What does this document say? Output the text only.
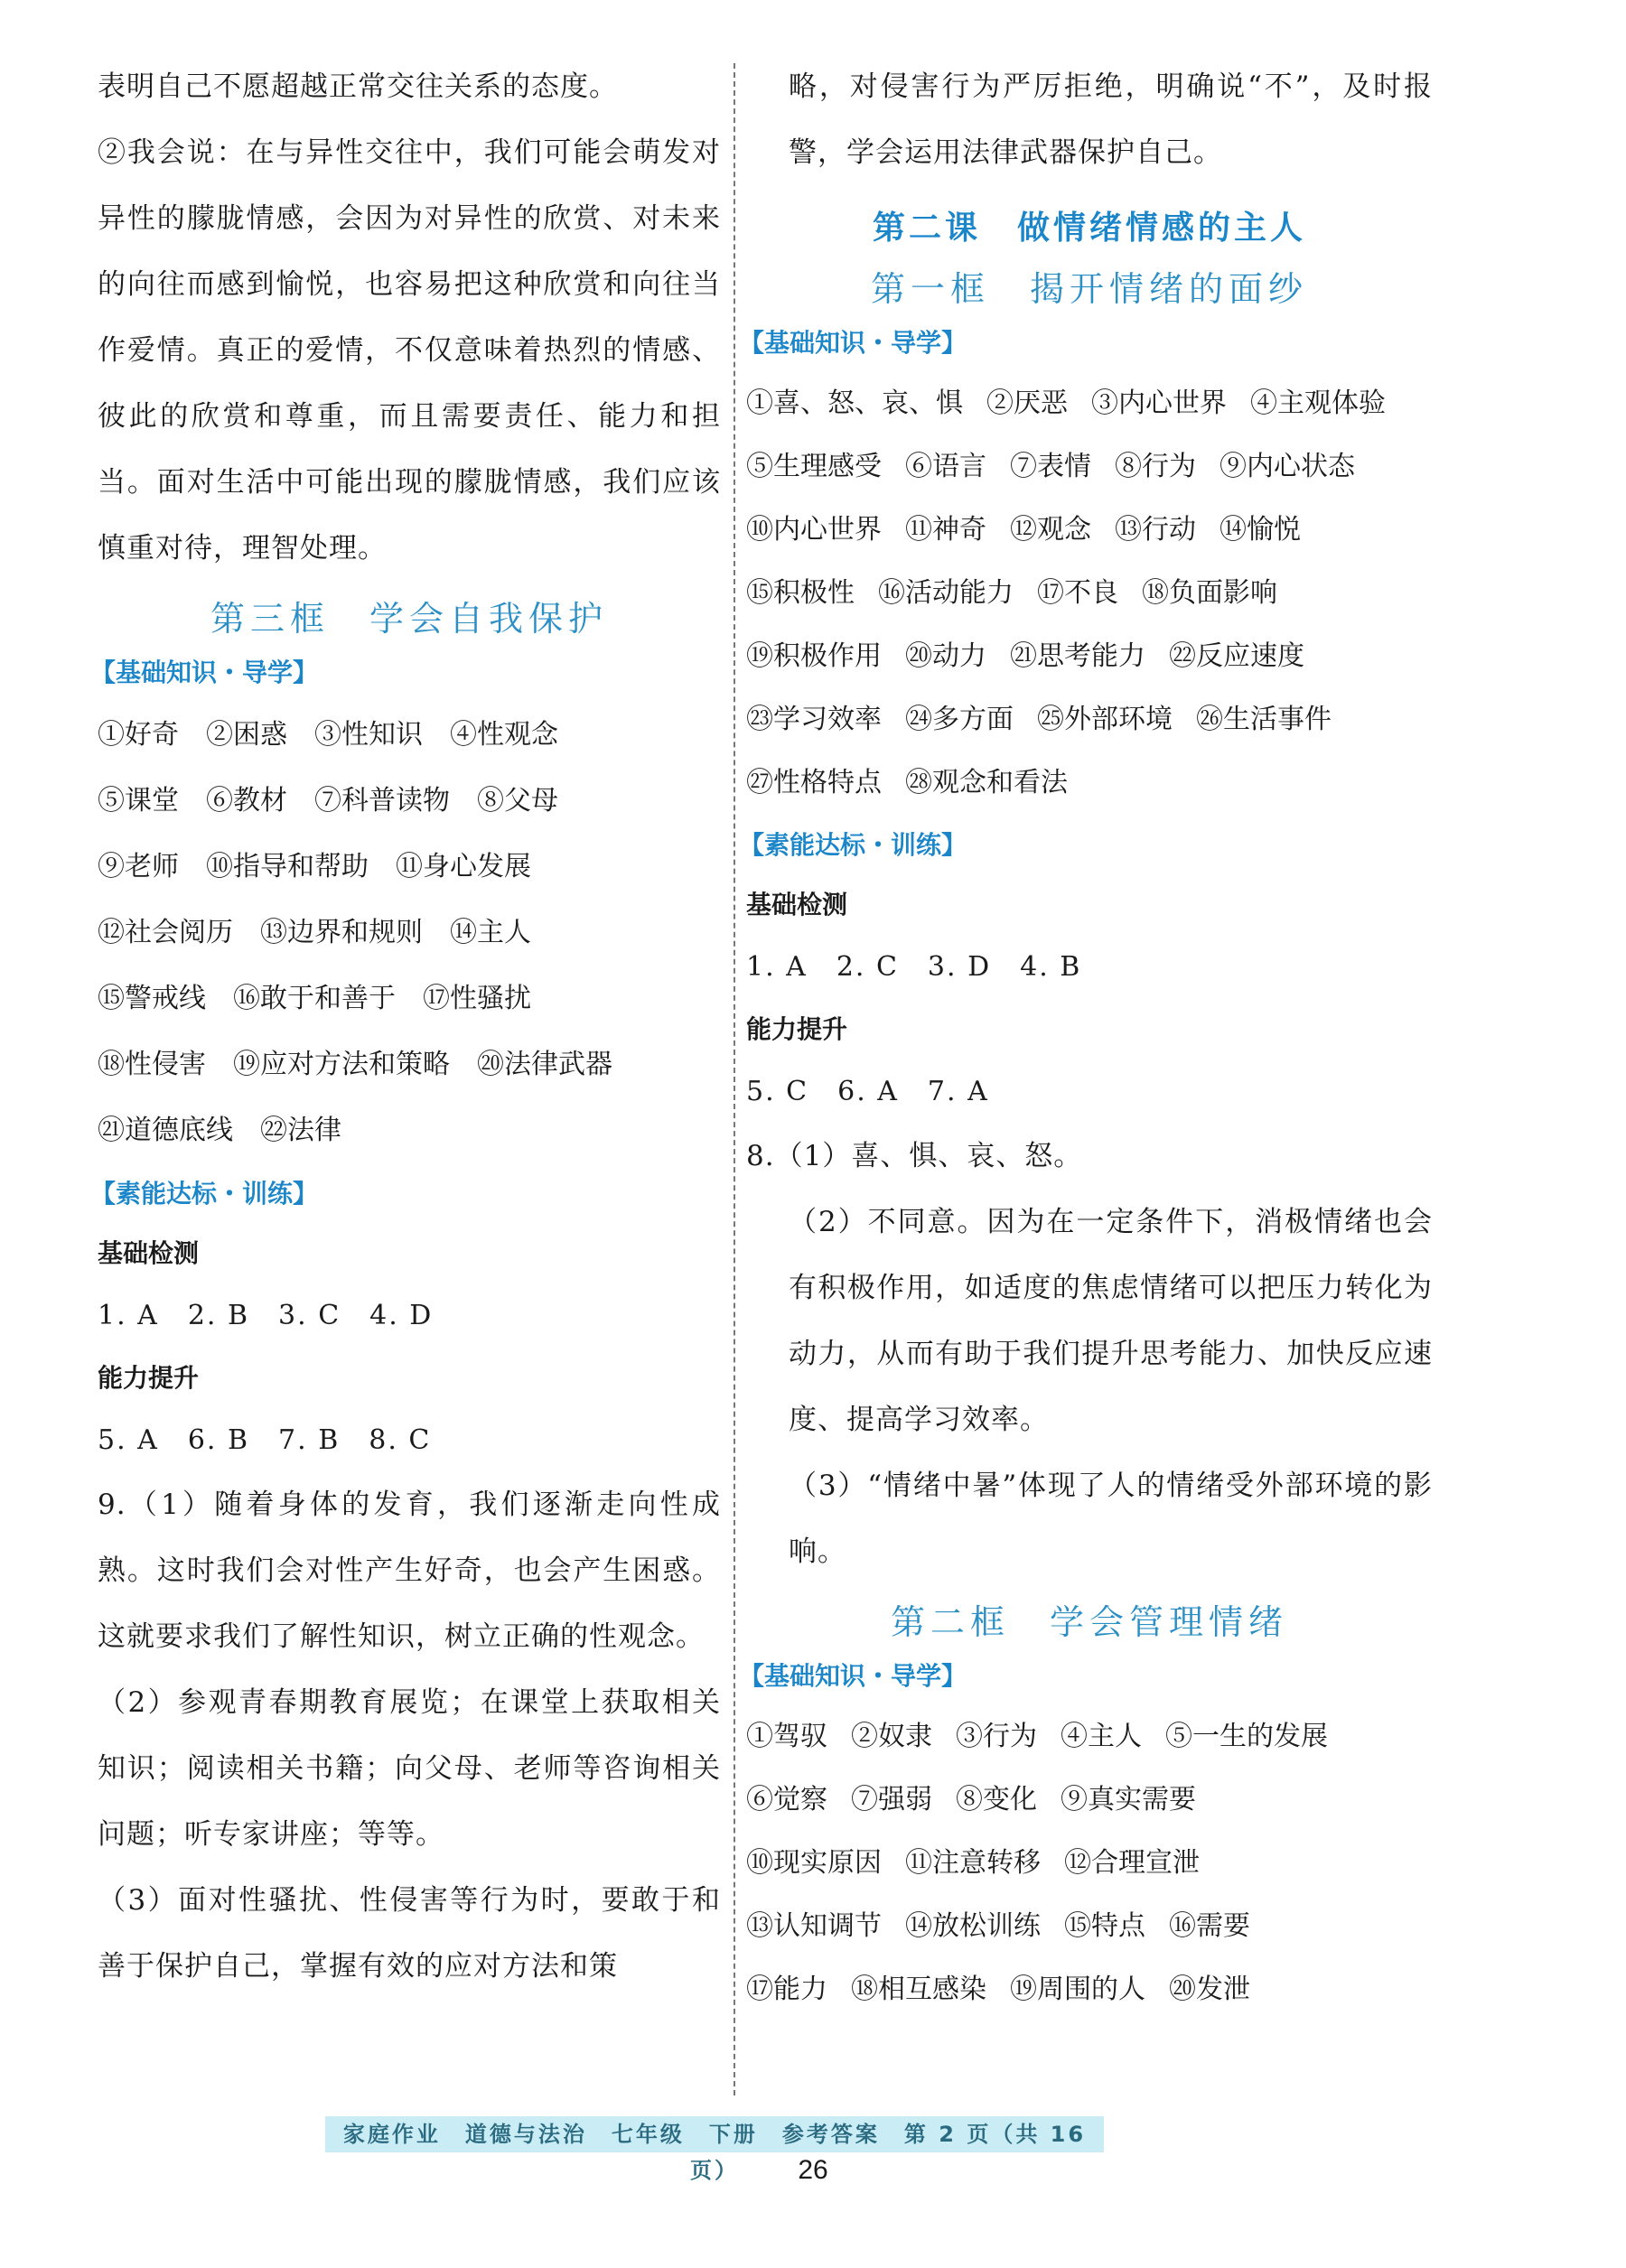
表明自己不愿超越正常交往关系的态度。
②我会说：在与异性交往中，我们可能会萌发对异性的朦胧情感，会因为对异性的欣赏、对未来的向往而感到愉悦，也容易把这种欣赏和向往当作爱情。真正的爱情，不仅意味着热烈的情感、彼此的欣赏和尊重，而且需要责任、能力和担当。面对生活中可能出现的朦胧情感，我们应该慎重对待，理智处理。
第三框　学会自我保护
【基础知识・导学】
①好奇 ②困惑 ③性知识 ④性观念
⑤课堂 ⑥教材 ⑦科普读物 ⑧父母
⑨老师 ⑩指导和帮助 ⑪身心发展
⑫社会阅历 ⑬边界和规则 ⑭主人
⑮警戒线 ⑯敢于和善于 ⑰性骚扰
⑱性侵害 ⑲应对方法和策略 ⑳法律武器
㉑道德底线 ㉒法律
【素能达标・训练】
基础检测
1. A　2. B　3. C　4. D
能力提升
5. A　6. B　7. B　8. C
9.（1）随着身体的发育，我们逐渐走向性成熟。这时我们会对性产生好奇，也会产生困惑。这就要求我们了解性知识，树立正确的性观念。
（2）参观青春期教育展览；在课堂上获取相关知识；阅读相关书籍；向父母、老师等咨询相关问题；听专家讲座；等等。
（3）面对性骚扰、性侵害等行为时，要敢于和善于保护自己，掌握有效的应对方法和策
略，对侵害行为严厉拒绝，明确说“不”，及时报警，学会运用法律武器保护自己。
第二课　做情绪情感的主人
第一框　揭开情绪的面纱
【基础知识・导学】
①喜、怒、哀、惧 ②厌恶 ③内心世界 ④主观体验
⑤生理感受 ⑥语言 ⑦表情 ⑧行为 ⑨内心状态
⑩内心世界 ⑪神奇 ⑫观念 ⑬行动 ⑭愉悦
⑮积极性 ⑯活动能力 ⑰不良 ⑱负面影响
⑲积极作用 ⑳动力 ㉑思考能力 ㉒反应速度
㉓学习效率 ㉔多方面 ㉕外部环境 ㉖生活事件
㉗性格特点 ㉘观念和看法
【素能达标・训练】
基础检测
1. A　2. C　3. D　4. B
能力提升
5. C　6. A　7. A
8.（1）喜、惧、哀、怒。
（2）不同意。因为在一定条件下，消极情绪也会有积极作用，如适度的焦虑情绪可以把压力转化为动力，从而有助于我们提升思考能力、加快反应速度、提高学习效率。
（3）“情绪中暑”体现了人的情绪受外部环境的影响。
第二框　学会管理情绪
【基础知识・导学】
①驾驭 ②奴隶 ③行为 ④主人 ⑤一生的发展
⑥觉察 ⑦强弱 ⑧变化 ⑨真实需要
⑩现实原因 ⑪注意转移 ⑫合理宣泄
⑬认知调节 ⑭放松训练 ⑮特点 ⑯需要
⑰能力 ⑱相互感染 ⑲周围的人 ⑳发泄
家庭作业　道德与法治　七年级　下册　参考答案　第 2 页（共 16 页）	26
